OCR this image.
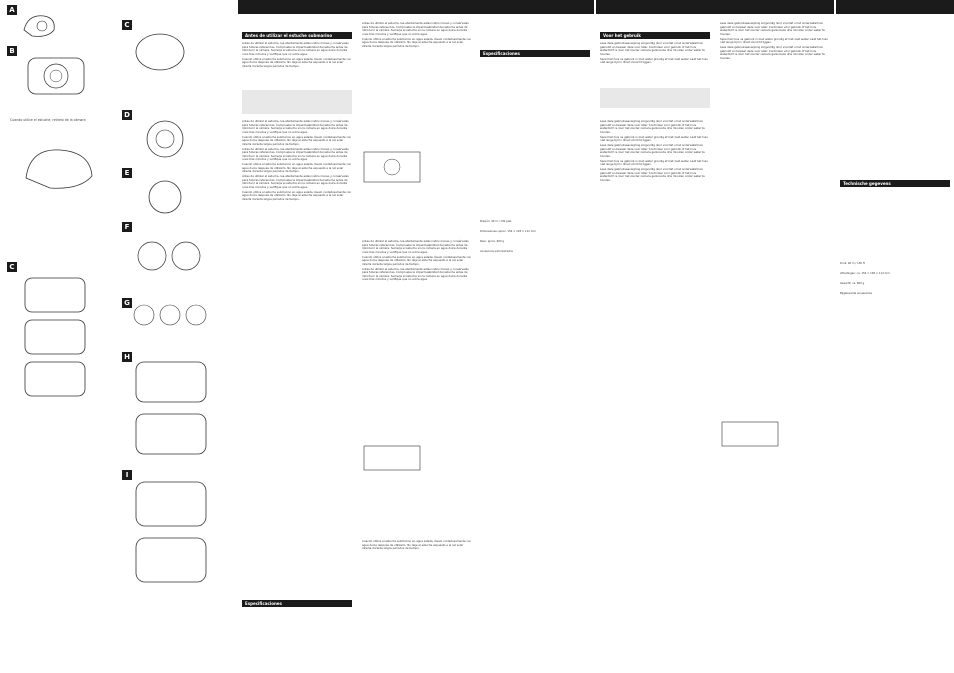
A
B
Cuando utilice el estuche, retírelo de la cámara
C
C
D
E
F
G
H
I
Antes de utilizar el estuche submarino

Antes de utilizar el estuche, lea atentamente estas instrucciones y consérvelas para futuras referencias. Compruebe la impermeabilidad del estuche antes de introducir la cámara. Sumerja el estuche sin la cámara en agua dulce durante unos tres minutos y verifique que no entra agua.

Cuando utilice el estuche submarino en agua salada, lávelo cuidadosamente con agua dulce después de utilizarlo. No deje el estuche expuesto a la luz solar directa durante largos períodos de tiempo.

Antes de utilizar el estuche, lea atentamente estas instrucciones y consérvelas para futuras referencias. Compruebe la impermeabilidad del estuche antes de introducir la cámara. Sumerja el estuche sin la cámara en agua dulce durante unos tres minutos y verifique que no entra agua.

Cuando utilice el estuche submarino en agua salada, lávelo cuidadosamente con agua dulce después de utilizarlo. No deje el estuche expuesto a la luz solar directa durante largos períodos de tiempo.

Antes de utilizar el estuche, lea atentamente estas instrucciones y consérvelas para futuras referencias. Compruebe la impermeabilidad del estuche antes de introducir la cámara. Sumerja el estuche sin la cámara en agua dulce durante unos tres minutos y verifique que no entra agua.

Cuando utilice el estuche submarino en agua salada, lávelo cuidadosamente con agua dulce después de utilizarlo. No deje el estuche expuesto a la luz solar directa durante largos períodos de tiempo.

Antes de utilizar el estuche, lea atentamente estas instrucciones y consérvelas para futuras referencias. Compruebe la impermeabilidad del estuche antes de introducir la cámara. Sumerja el estuche sin la cámara en agua dulce durante unos tres minutos y verifique que no entra agua.

Cuando utilice el estuche submarino en agua salada, lávelo cuidadosamente con agua dulce después de utilizarlo. No deje el estuche expuesto a la luz solar directa durante largos períodos de tiempo.

Especificaciones

Antes de utilizar el estuche, lea atentamente estas instrucciones y consérvelas para futuras referencias. Compruebe la impermeabilidad del estuche antes de introducir la cámara. Sumerja el estuche sin la cámara en agua dulce durante unos tres minutos y verifique que no entra agua.

Cuando utilice el estuche submarino en agua salada, lávelo cuidadosamente con agua dulce después de utilizarlo. No deje el estuche expuesto a la luz solar directa durante largos períodos de tiempo.

Antes de utilizar el estuche, lea atentamente estas instrucciones y consérvelas para futuras referencias. Compruebe la impermeabilidad del estuche antes de introducir la cámara. Sumerja el estuche sin la cámara en agua dulce durante unos tres minutos y verifique que no entra agua.

Cuando utilice el estuche submarino en agua salada, lávelo cuidadosamente con agua dulce después de utilizarlo. No deje el estuche expuesto a la luz solar directa durante largos períodos de tiempo.

Antes de utilizar el estuche, lea atentamente estas instrucciones y consérvelas para futuras referencias. Compruebe la impermeabilidad del estuche antes de introducir la cámara. Sumerja el estuche sin la cámara en agua dulce durante unos tres minutos y verifique que no entra agua.

Cuando utilice el estuche submarino en agua salada, lávelo cuidadosamente con agua dulce después de utilizarlo. No deje el estuche expuesto a la luz solar directa durante largos períodos de tiempo.

Especificaciones
Presión: 40 m / 130 pies
Dimensiones: aprox. 154 × 128 × 112 mm
Peso: aprox. 600 g
Accesorios suministrados
Voor het gebruik

Lees deze gebruiksaanwijzing zorgvuldig door voordat u het onderwaterhuis gebruikt en bewaar deze voor later. Controleer voor gebruik of het huis waterdicht is door het zonder camera gedurende drie minuten onder water te houden.

Spoel het huis na gebruik in zout water grondig af met zoet water. Laat het huis niet lange tijd in direct zonlicht liggen.

Lees deze gebruiksaanwijzing zorgvuldig door voordat u het onderwaterhuis gebruikt en bewaar deze voor later. Controleer voor gebruik of het huis waterdicht is door het zonder camera gedurende drie minuten onder water te houden.

Spoel het huis na gebruik in zout water grondig af met zoet water. Laat het huis niet lange tijd in direct zonlicht liggen.

Lees deze gebruiksaanwijzing zorgvuldig door voordat u het onderwaterhuis gebruikt en bewaar deze voor later. Controleer voor gebruik of het huis waterdicht is door het zonder camera gedurende drie minuten onder water te houden.

Spoel het huis na gebruik in zout water grondig af met zoet water. Laat het huis niet lange tijd in direct zonlicht liggen.

Lees deze gebruiksaanwijzing zorgvuldig door voordat u het onderwaterhuis gebruikt en bewaar deze voor later. Controleer voor gebruik of het huis waterdicht is door het zonder camera gedurende drie minuten onder water te houden.

Lees deze gebruiksaanwijzing zorgvuldig door voordat u het onderwaterhuis gebruikt en bewaar deze voor later. Controleer voor gebruik of het huis waterdicht is door het zonder camera gedurende drie minuten onder water te houden.

Spoel het huis na gebruik in zout water grondig af met zoet water. Laat het huis niet lange tijd in direct zonlicht liggen.

Lees deze gebruiksaanwijzing zorgvuldig door voordat u het onderwaterhuis gebruikt en bewaar deze voor later. Controleer voor gebruik of het huis waterdicht is door het zonder camera gedurende drie minuten onder water te houden.

Technische gegevens
Druk: 40 m / 130 ft
Afmetingen: ca. 154 × 128 × 112 mm
Gewicht: ca. 600 g
Bijgeleverde accessoires
